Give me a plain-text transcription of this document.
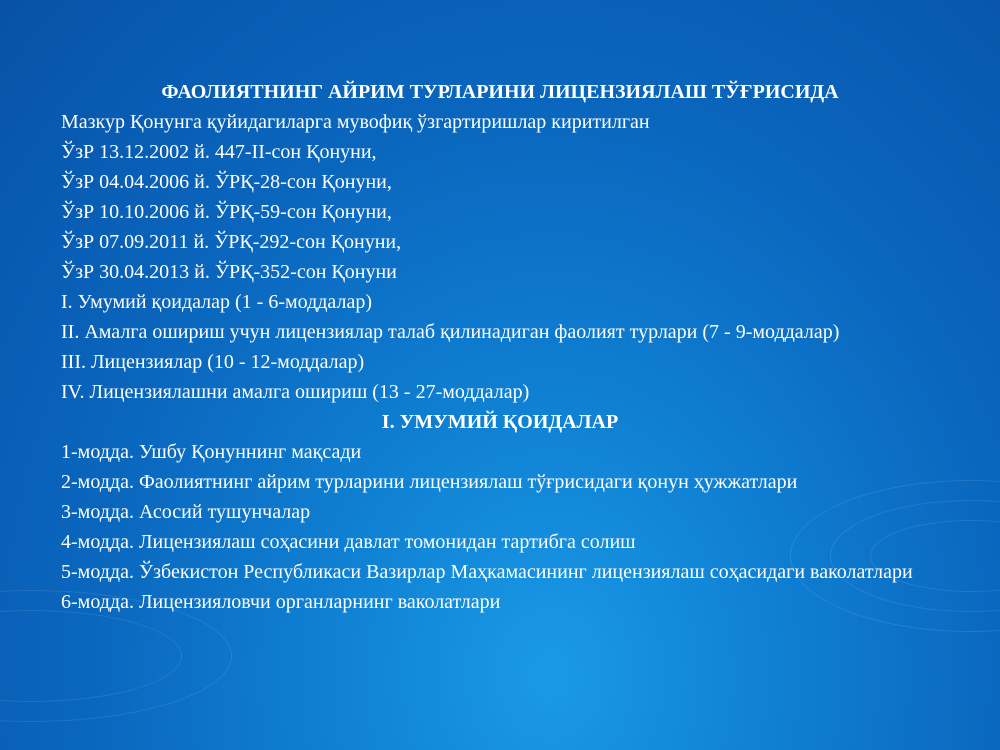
ФАОЛИЯТНИНГ АЙРИМ ТУРЛАРИНИ ЛИЦЕНЗИЯЛАШ ТЎҒРИСИДА

Мазкур Қонунга қуйидагиларга мувофиқ ўзгартиришлар киритилган

ЎзР 13.12.2002 й. 447-II-сон Қонуни,

ЎзР 04.04.2006 й. ЎРҚ-28-сон Қонуни,

ЎзР 10.10.2006 й. ЎРҚ-59-сон Қонуни,

ЎзР 07.09.2011 й. ЎРҚ-292-сон Қонуни,

ЎзР 30.04.2013 й. ЎРҚ-352-сон Қонуни

I. Умумий қоидалар (1 - 6-моддалар)

II. Амалга ошириш учун лицензиялар талаб қилинадиган фаолият турлари (7 - 9-моддалар)

III. Лицензиялар (10 - 12-моддалар)

IV. Лицензиялашни амалга ошириш (13 - 27-моддалар)

I. УМУМИЙ ҚОИДАЛАР

1-модда. Ушбу Қонуннинг мақсади

2-модда. Фаолиятнинг айрим турларини лицензиялаш тўғрисидаги қонун ҳужжатлари

3-модда. Асосий тушунчалар

4-модда. Лицензиялаш соҳасини давлат томонидан тартибга солиш

5-модда. Ўзбекистон Республикаси Вазирлар Маҳкамасининг лицензиялаш соҳасидаги ваколатлари

6-модда. Лицензияловчи органларнинг ваколатлари
